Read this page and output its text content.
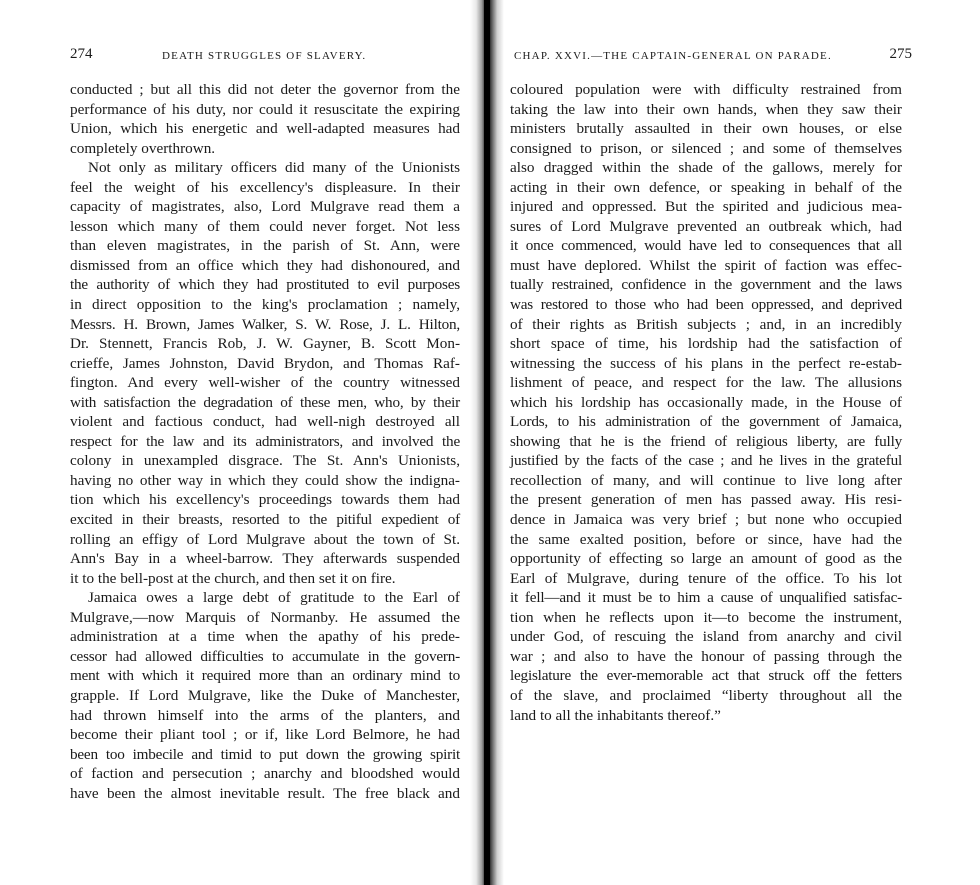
274	DEATH STRUGGLES OF SLAVERY.
conducted ; but all this did not deter the governor from the
performance of his duty, nor could it resuscitate the expiring
Union, which his energetic and well-adapted measures had
completely overthrown.
Not only as military officers did many of the Unionists
feel the weight of his excellency's displeasure. In their
capacity of magistrates, also, Lord Mulgrave read them a
lesson which many of them could never forget. Not less
than eleven magistrates, in the parish of St. Ann, were
dismissed from an office which they had dishonoured, and
the authority of which they had prostituted to evil purposes
in direct opposition to the king's proclamation ; namely,
Messrs. H. Brown, James Walker, S. W. Rose, J. L. Hilton,
Dr. Stennett, Francis Rob, J. W. Gayner, B. Scott Mon-
crieffe, James Johnston, David Brydon, and Thomas Raf-
fington. And every well-wisher of the country witnessed
with satisfaction the degradation of these men, who, by their
violent and factious conduct, had well-nigh destroyed all
respect for the law and its administrators, and involved the
colony in unexampled disgrace. The St. Ann's Unionists,
having no other way in which they could show the indigna-
tion which his excellency's proceedings towards them had
excited in their breasts, resorted to the pitiful expedient of
rolling an effigy of Lord Mulgrave about the town of St.
Ann's Bay in a wheel-barrow. They afterwards suspended
it to the bell-post at the church, and then set it on fire.
Jamaica owes a large debt of gratitude to the Earl of
Mulgrave,—now Marquis of Normanby. He assumed the
administration at a time when the apathy of his prede-
cessor had allowed difficulties to accumulate in the govern-
ment with which it required more than an ordinary mind to
grapple. If Lord Mulgrave, like the Duke of Manchester,
had thrown himself into the arms of the planters, and
become their pliant tool ; or if, like Lord Belmore, he had
been too imbecile and timid to put down the growing spirit
of faction and persecution ; anarchy and bloodshed would
have been the almost inevitable result. The free black and
CHAP. XXVI.—THE CAPTAIN-GENERAL ON PARADE.	275
coloured population were with difficulty restrained from
taking the law into their own hands, when they saw their
ministers brutally assaulted in their own houses, or else
consigned to prison, or silenced ; and some of themselves
also dragged within the shade of the gallows, merely for
acting in their own defence, or speaking in behalf of the
injured and oppressed. But the spirited and judicious mea-
sures of Lord Mulgrave prevented an outbreak which, had
it once commenced, would have led to consequences that all
must have deplored. Whilst the spirit of faction was effec-
tually restrained, confidence in the government and the laws
was restored to those who had been oppressed, and deprived
of their rights as British subjects ; and, in an incredibly
short space of time, his lordship had the satisfaction of
witnessing the success of his plans in the perfect re-estab-
lishment of peace, and respect for the law. The allusions
which his lordship has occasionally made, in the House of
Lords, to his administration of the government of Jamaica,
showing that he is the friend of religious liberty, are fully
justified by the facts of the case ; and he lives in the grateful
recollection of many, and will continue to live long after
the present generation of men has passed away. His resi-
dence in Jamaica was very brief ; but none who occupied
the same exalted position, before or since, have had the
opportunity of effecting so large an amount of good as the
Earl of Mulgrave, during tenure of the office. To his lot
it fell—and it must be to him a cause of unqualified satisfac-
tion when he reflects upon it—to become the instrument,
under God, of rescuing the island from anarchy and civil
war ; and also to have the honour of passing through the
legislature the ever-memorable act that struck off the fetters
of the slave, and proclaimed “liberty throughout all the
land to all the inhabitants thereof.”
